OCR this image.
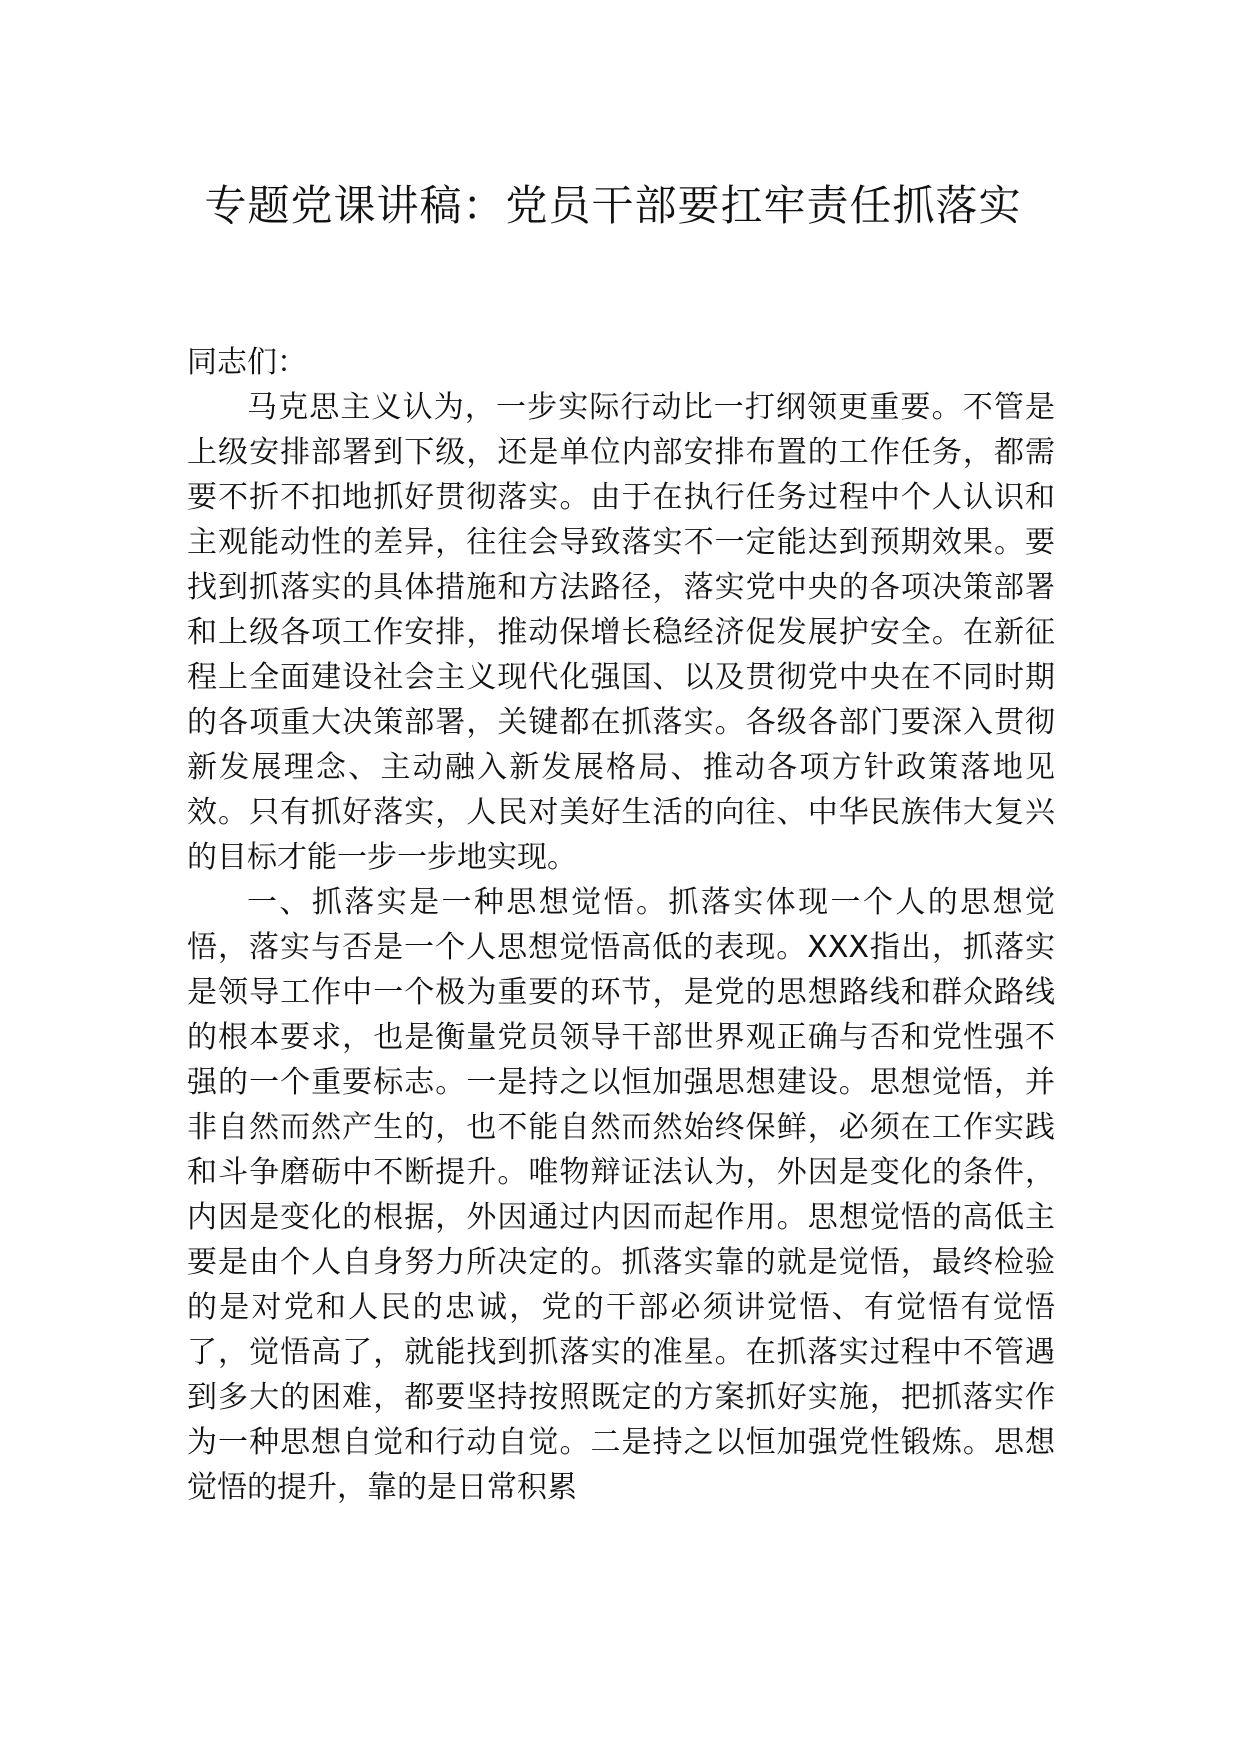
专题党课讲稿：党员干部要扛牢责任抓落实

同志们：

马克思主义认为，一步实际行动比一打纲领更重要。不管是上级安排部署到下级，还是单位内部安排布置的工作任务，都需要不折不扣地抓好贯彻落实。由于在执行任务过程中个人认识和主观能动性的差异，往往会导致落实不一定能达到预期效果。要找到抓落实的具体措施和方法路径，落实党中央的各项决策部署和上级各项工作安排，推动保增长稳经济促发展护安全。在新征程上全面建设社会主义现代化强国、以及贯彻党中央在不同时期的各项重大决策部署，关键都在抓落实。各级各部门要深入贯彻新发展理念、主动融入新发展格局、推动各项方针政策落地见效。只有抓好落实，人民对美好生活的向往、中华民族伟大复兴的目标才能一步一步地实现。

一、抓落实是一种思想觉悟。抓落实体现一个人的思想觉悟，落实与否是一个人思想觉悟高低的表现。XXX指出，抓落实是领导工作中一个极为重要的环节，是党的思想路线和群众路线的根本要求，也是衡量党员领导干部世界观正确与否和党性强不强的一个重要标志。一是持之以恒加强思想建设。思想觉悟，并非自然而然产生的，也不能自然而然始终保鲜，必须在工作实践和斗争磨砺中不断提升。唯物辩证法认为，外因是变化的条件，内因是变化的根据，外因通过内因而起作用。思想觉悟的高低主要是由个人自身努力所决定的。抓落实靠的就是觉悟，最终检验的是对党和人民的忠诚，党的干部必须讲觉悟、有觉悟有觉悟了，觉悟高了，就能找到抓落实的准星。在抓落实过程中不管遇到多大的困难，都要坚持按照既定的方案抓好实施，把抓落实作为一种思想自觉和行动自觉。二是持之以恒加强党性锻炼。思想觉悟的提升，靠的是日常积累
